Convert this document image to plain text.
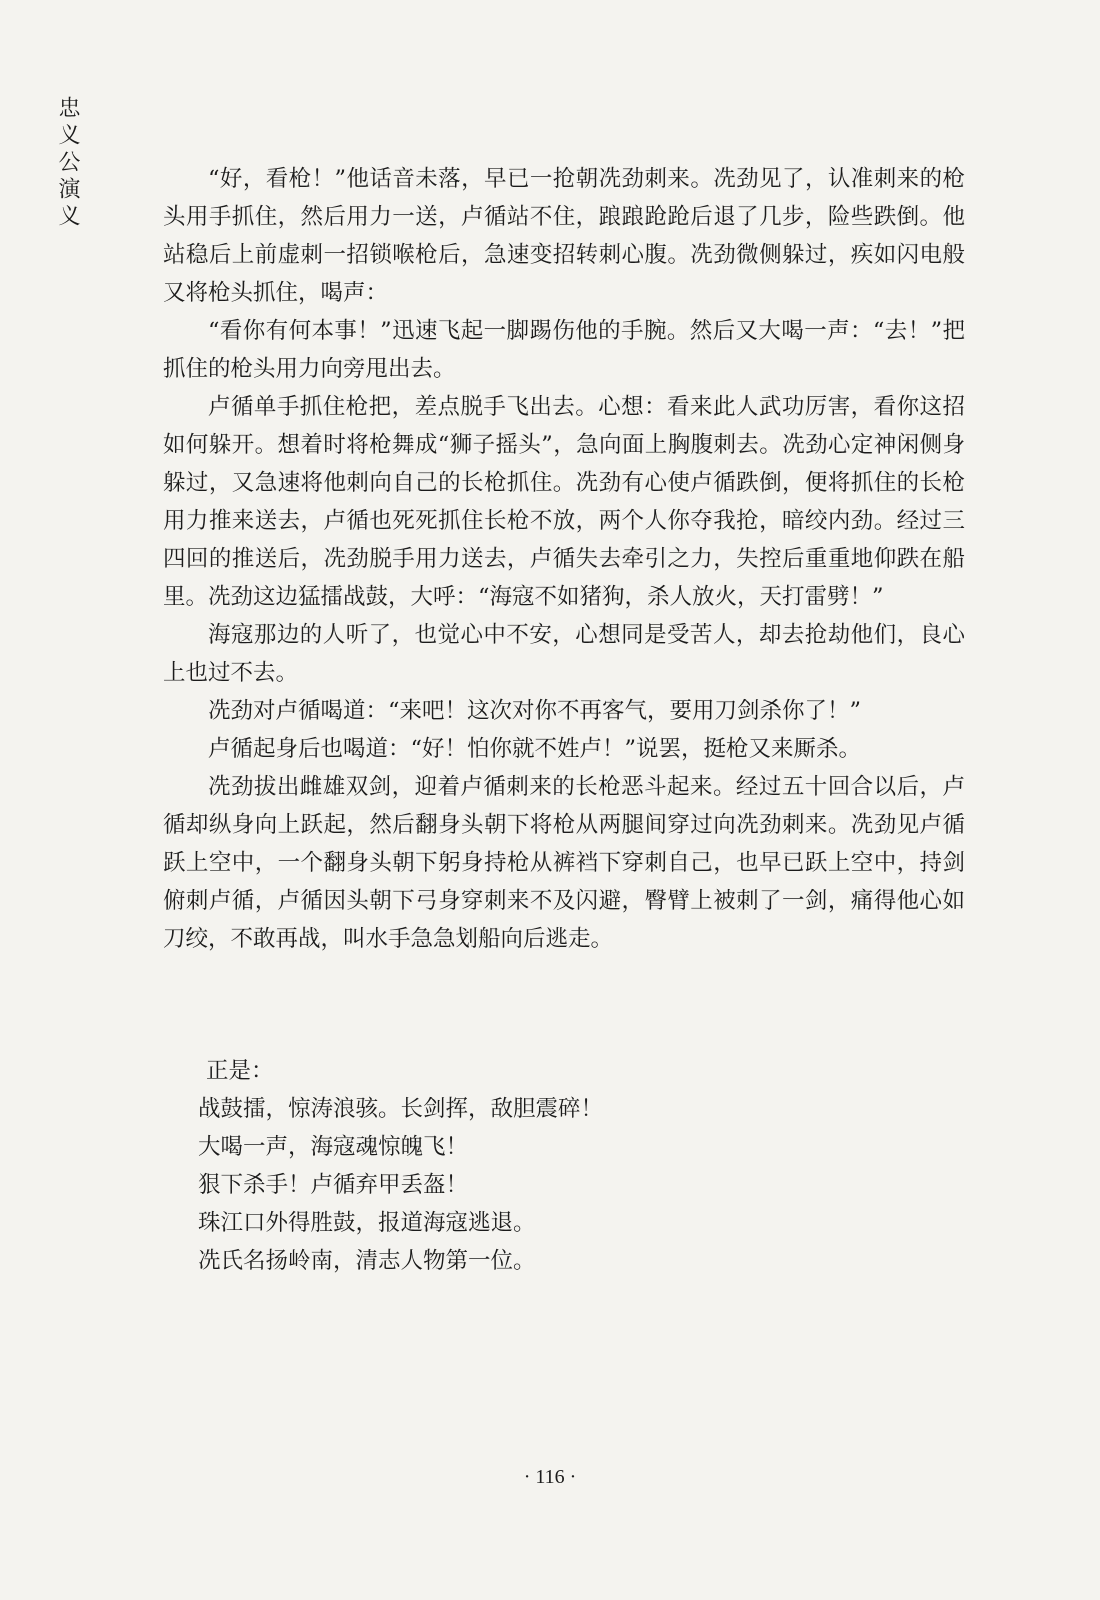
忠义公演义	“好，看枪！”他话音未落，早已一抢朝冼劲刺来。冼劲见了，认准刺来的枪头用手抓住，然后用力一送，卢循站不住，踉踉跄跄后退了几步，险些跌倒。他站稳后上前虚刺一招锁喉枪后，急速变招转刺心腹。冼劲微侧躲过，疾如闪电般又将枪头抓住，喝声：

“看你有何本事！”迅速飞起一脚踢伤他的手腕。然后又大喝一声：“去！”把抓住的枪头用力向旁甩出去。

卢循单手抓住枪把，差点脱手飞出去。心想：看来此人武功厉害，看你这招如何躲开。想着时将枪舞成“狮子摇头”，急向面上胸腹刺去。冼劲心定神闲侧身躲过，又急速将他刺向自己的长枪抓住。冼劲有心使卢循跌倒，便将抓住的长枪用力推来送去，卢循也死死抓住长枪不放，两个人你夺我抢，暗绞内劲。经过三四回的推送后，冼劲脱手用力送去，卢循失去牵引之力，失控后重重地仰跌在船里。冼劲这边猛擂战鼓，大呼：“海寇不如猪狗，杀人放火，天打雷劈！”

海寇那边的人听了，也觉心中不安，心想同是受苦人，却去抢劫他们，良心上也过不去。

冼劲对卢循喝道：“来吧！这次对你不再客气，要用刀剑杀你了！”

卢循起身后也喝道：“好！怕你就不姓卢！”说罢，挺枪又来厮杀。

冼劲拔出雌雄双剑，迎着卢循刺来的长枪恶斗起来。经过五十回合以后，卢循却纵身向上跃起，然后翻身头朝下将枪从两腿间穿过向冼劲刺来。冼劲见卢循跃上空中，一个翻身头朝下躬身持枪从裤裆下穿刺自己，也早已跃上空中，持剑俯刺卢循，卢循因头朝下弓身穿刺来不及闪避，臀臂上被刺了一剑，痛得他心如刀绞，不敢再战，叫水手急急划船向后逃走。

正是：

战鼓擂，惊涛浪骇。长剑挥，敌胆震碎！

大喝一声，海寇魂惊魄飞！

狠下杀手！卢循弃甲丢盔！

珠江口外得胜鼓，报道海寇逃退。

冼氏名扬岭南，清志人物第一位。

· 116 ·
